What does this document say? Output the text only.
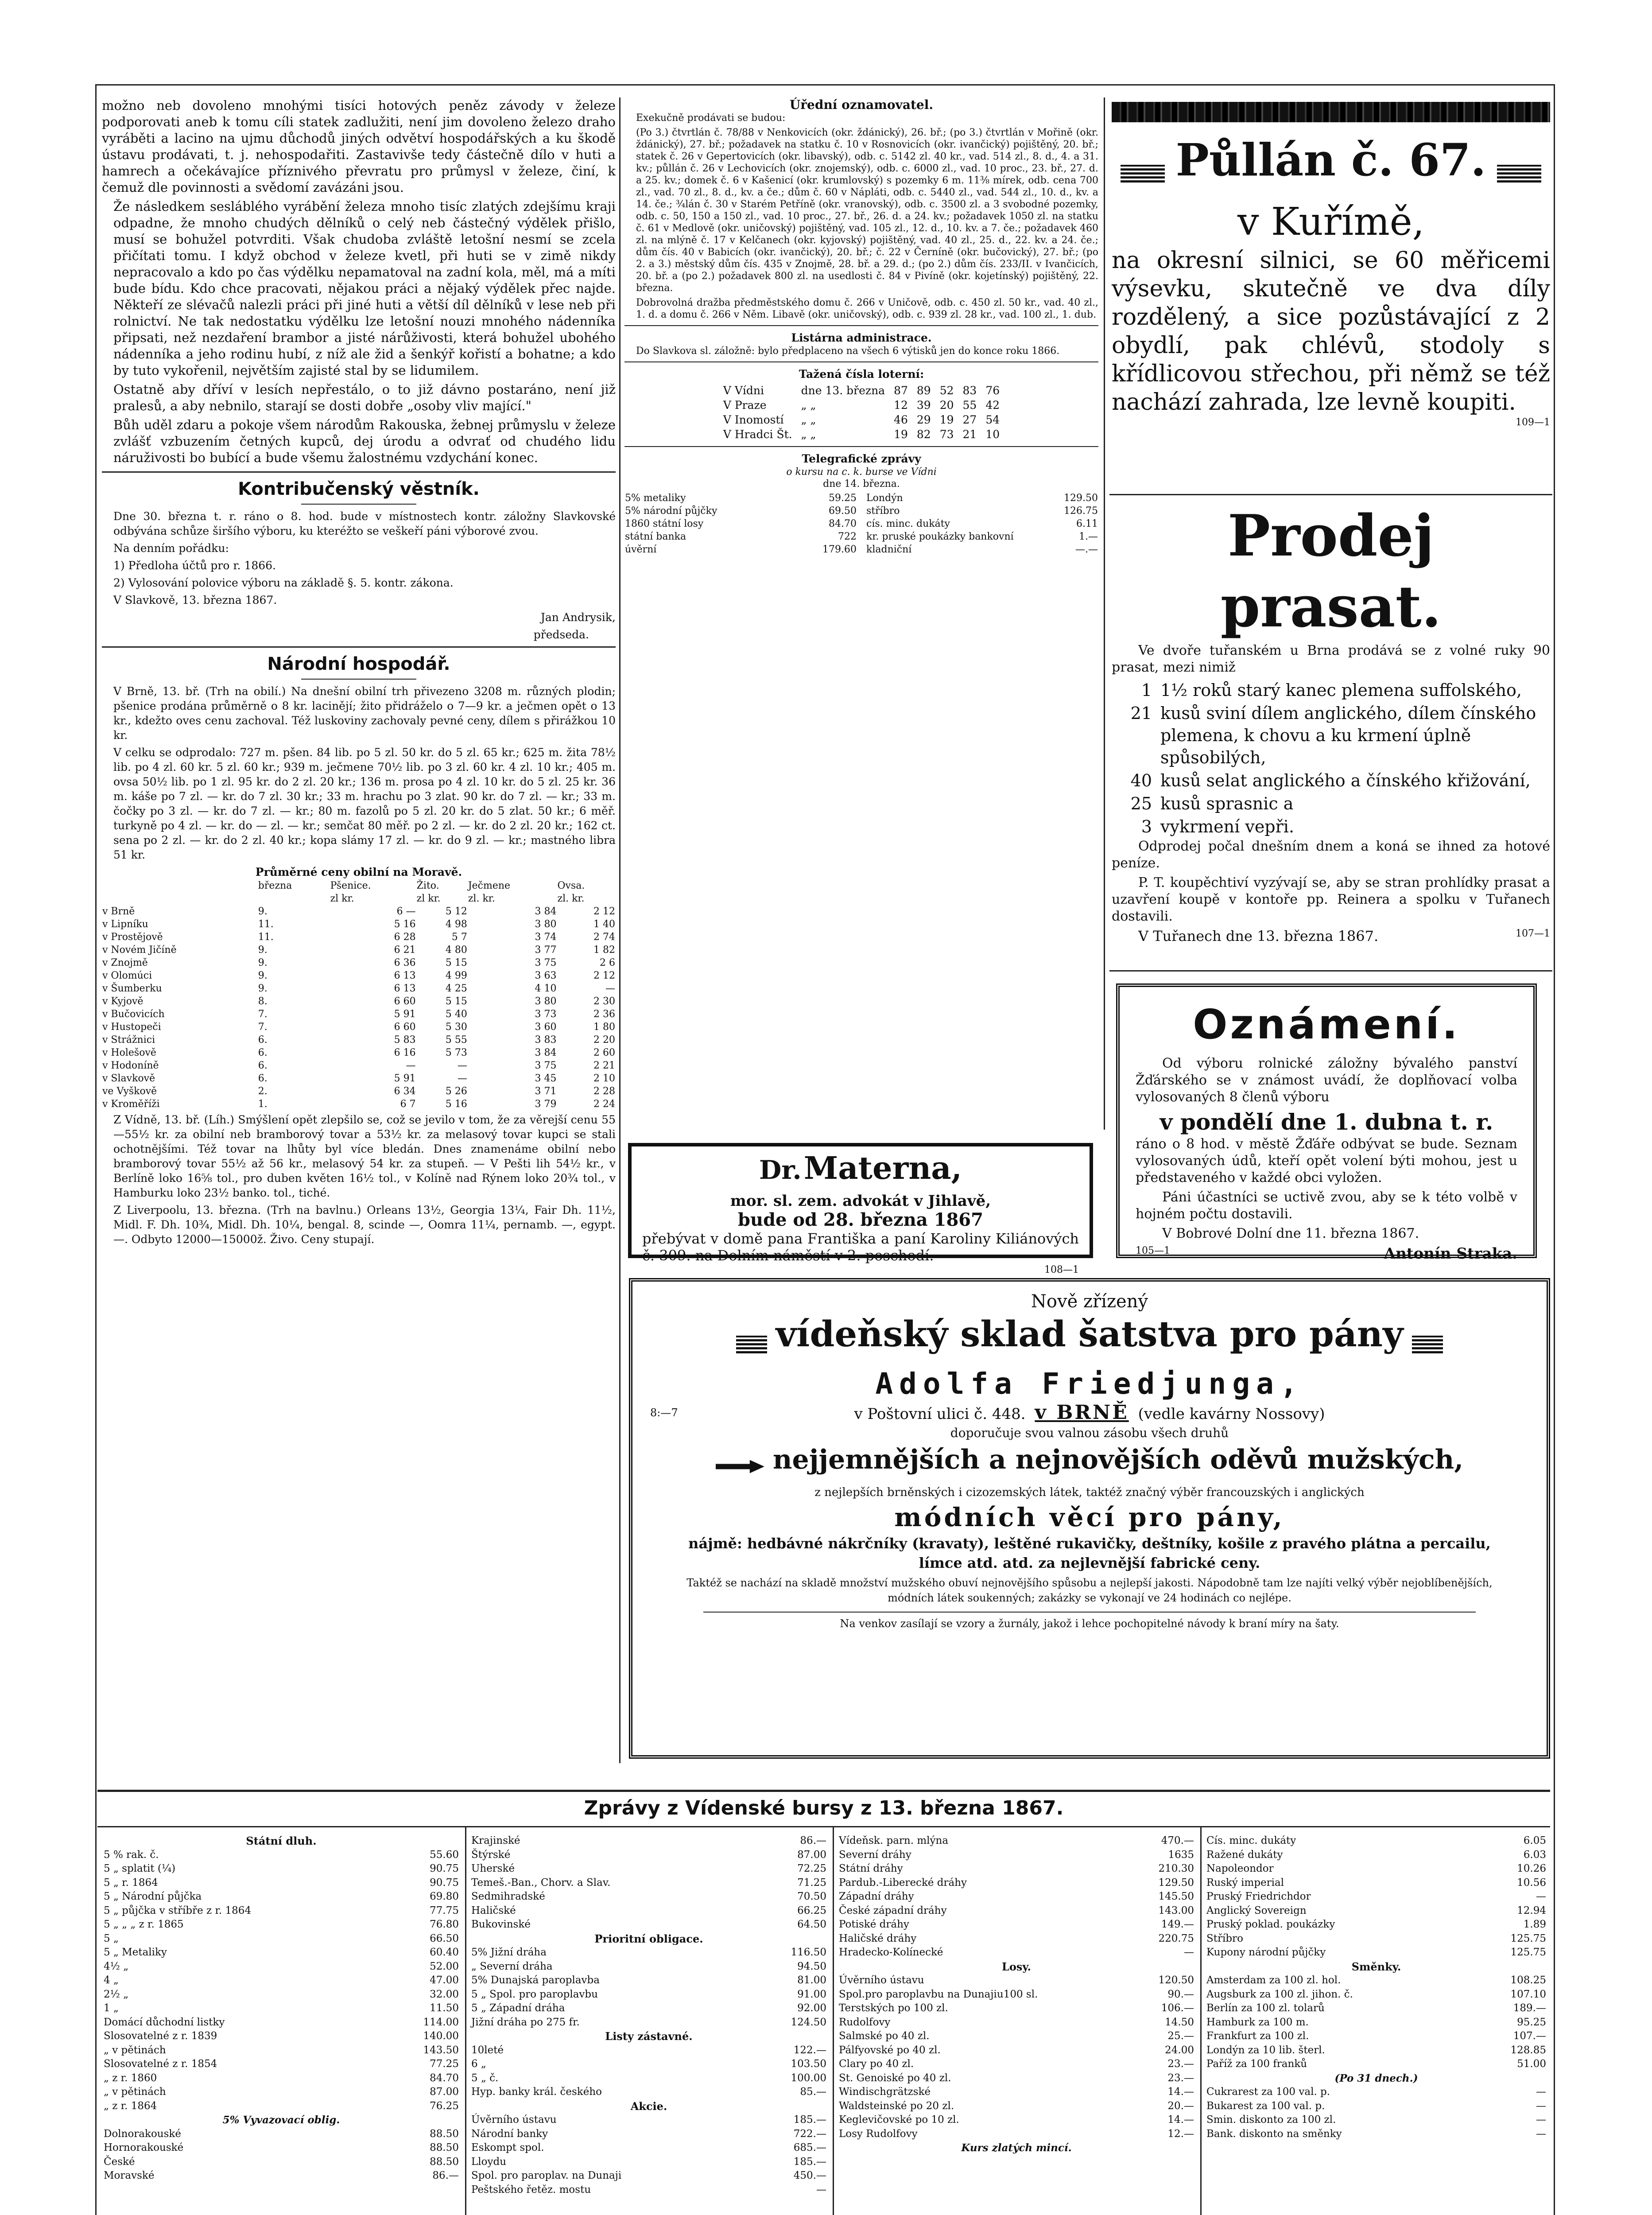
možno neb dovoleno mnohými tisíci hotových peněz závody v železe podporovati aneb k tomu cíli statek zadlužiti, není jim dovoleno železo draho vyráběti a lacino na ujmu důchodů jiných odvětví hospodářských a ku škodě ústavu prodávati, t. j. nehospodařiti. Zastavivše tedy částečně dílo v huti a hamrech a očekávajíce příznivého převratu pro průmysl v železe, činí, k čemuž dle povinnosti a svědomí zavázáni jsou.

Že následkem sesláblého vyrábění železa mnoho tisíc zlatých zdejšímu kraji odpadne, že mnoho chudých dělníků o celý neb částečný výdělek přišlo, musí se bohužel potvrditi. Však chudoba zvláště letošní nesmí se zcela přičítati tomu. I když obchod v železe kvetl, při huti se v zimě nikdy nepracovalo a kdo po čas výdělku nepamatoval na zadní kola, měl, má a míti bude bídu. Kdo chce pracovati, nějakou práci a nějaký výdělek přec najde. Někteří ze slévačů nalezli práci při jiné huti a větší díl dělníků v lese neb při rolnictví. Ne tak nedostatku výdělku lze letošní nouzi mnohého nádenníka připsati, než nezdaření brambor a jisté nárůživosti, která bohužel ubohého nádenníka a jeho rodinu hubí, z níž ale žid a šenkýř kořistí a bohatne; a kdo by tuto vykořenil, největším zajisté stal by se lidumilem.

Ostatně aby dříví v lesích nepřestálo, o to již dávno postaráno, není již pralesů, a aby nebnilo, starají se dosti dobře „osoby vliv mající."

Bůh uděl zdaru a pokoje všem národům Rakouska, žebnej průmyslu v železe zvlášť vzbuzením četných kupců, dej úrodu a odvrať od chudého lidu náruživosti bo bubící a bude všemu žalostnému vzdychání konec.

Kontribučenský věstník.

Dne 30. března t. r. ráno o 8. hod. bude v místnostech kontr. záložny Slavkovské odbývána schůze širšího výboru, ku kteréžto se veškeří páni výborové zvou.

Na denním pořádku:

1) Předloha účtů pro r. 1866.

2) Vylosování polovice výboru na základě §. 5. kontr. zákona.

V Slavkově, 13. března 1867.

Jan Andrysik,

předseda.

Národní hospodář.

V Brně, 13. bř. (Trh na obilí.) Na dnešní obilní trh přivezeno 3208 m. různých plodin; pšenice prodána průměrně o 8 kr. lacinějí; žito přidráželo o 7—9 kr. a ječmen opět o 13 kr., kdežto oves cenu zachoval. Též luskoviny zachovaly pevné ceny, dílem s přirážkou 10 kr.

V celku se odprodalo: 727 m. pšen. 84 lib. po 5 zl. 50 kr. do 5 zl. 65 kr.; 625 m. žita 78½ lib. po 4 zl. 60 kr. 5 zl. 60 kr.; 939 m. ječmene 70½ lib. po 3 zl. 60 kr. 4 zl. 10 kr.; 405 m. ovsa 50½ lib. po 1 zl. 95 kr. do 2 zl. 20 kr.; 136 m. prosa po 4 zl. 10 kr. do 5 zl. 25 kr. 36 m. káše po 7 zl. — kr. do 7 zl. 30 kr.; 33 m. hrachu po 3 zlat. 90 kr. do 7 zl. — kr.; 33 m. čočky po 3 zl. — kr. do 7 zl. — kr.; 80 m. fazolů po 5 zl. 20 kr. do 5 zlat. 50 kr.; 6 měř. turkyně po 4 zl. — kr. do — zl. — kr.; semčat 80 měř. po 2 zl. — kr. do 2 zl. 20 kr.; 162 ct. sena po 2 zl. — kr. do 2 zl. 40 kr.; kopa slámy 17 zl. — kr. do 9 zl. — kr.; mastného libra 51 kr.

Průměrné ceny obilní na Moravě.
	března	Pšenice.	Žito.	Ječmene	Ovsa.
		zl kr.	zl kr.	zl. kr.	zl. kr.
v Brně	9.	6 —	5 12	3 84	2 12
v Lipníku	11.	5 16	4 98	3 80	1 40
v Prostějově	11.	6 28	5 7	3 74	2 74
v Novém Jičíně	9.	6 21	4 80	3 77	1 82
v Znojmě	9.	6 36	5 15	3 75	2 6
v Olomúci	9.	6 13	4 99	3 63	2 12
v Šumberku	9.	6 13	4 25	4 10	—
v Kyjově	8.	6 60	5 15	3 80	2 30
v Bučovicích	7.	5 91	5 40	3 73	2 36
v Hustopeči	7.	6 60	5 30	3 60	1 80
v Strážnici	6.	5 83	5 55	3 83	2 20
v Holešově	6.	6 16	5 73	3 84	2 60
v Hodoníně	6.	—	—	3 75	2 21
v Slavkově	6.	5 91	—	3 45	2 10
ve Vyškově	2.	6 34	5 26	3 71	2 28
v Kroměříži	1.	6 7	5 16	3 79	2 24

Z Vídně, 13. bř. (Líh.) Smýšlení opět zlepšilo se, což se jevilo v tom, že za věrejší cenu 55—55½ kr. za obilní neb bramborový tovar a 53½ kr. za melasový tovar kupci se stali ochotnějšími. Též tovar na lhůty byl více bledán. Dnes znamenáme obilní nebo bramborový tovar 55½ až 56 kr., melasový 54 kr. za stupeň. — V Pešti lih 54½ kr., v Berlíně loko 16⅝ tol., pro duben květen 16½ tol., v Kolíně nad Rýnem loko 20¾ tol., v Hamburku loko 23½ banko. tol., tiché.

Z Liverpoolu, 13. března. (Trh na bavlnu.) Orleans 13½, Georgia 13¼, Fair Dh. 11½, Midl. F. Dh. 10¾, Midl. Dh. 10¼, bengal. 8, scinde —, Oomra 11¼, pernamb. —, egypt. —. Odbyto 12000—15000ž. Živo. Ceny stupají.

Úřední oznamovatel.

Exekučně prodávati se budou:

(Po 3.) čtvrtlán č. 78/88 v Nenkovicích (okr. ždánický), 26. bř.; (po 3.) čtvrtlán v Mořině (okr. ždánický), 27. bř.; požadavek na statku č. 10 v Rosnovicích (okr. ivančický) pojištěný, 20. bř.; statek č. 26 v Gepertovicích (okr. libavský), odb. c. 5142 zl. 40 kr., vad. 514 zl., 8. d., 4. a 31. kv.; půllán č. 26 v Lechovicích (okr. znojemský), odb. c. 6000 zl., vad. 10 proc., 23. bř., 27. d. a 25. kv.; domek č. 6 v Kašenicí (okr. krumlovský) s pozemky 6 m. 11⅜ mírek, odb. cena 700 zl., vad. 70 zl., 8. d., kv. a če.; dům č. 60 v Nápláti, odb. c. 5440 zl., vad. 544 zl., 10. d., kv. a 14. če.; ¾lán č. 30 v Starém Petříně (okr. vranovský), odb. c. 3500 zl. a 3 svobodné pozemky, odb. c. 50, 150 a 150 zl., vad. 10 proc., 27. bř., 26. d. a 24. kv.; požadavek 1050 zl. na statku č. 61 v Medlově (okr. uničovský) pojištěný, vad. 105 zl., 12. d., 10. kv. a 7. če.; požadavek 460 zl. na mlýně č. 17 v Kelčanech (okr. kyjovský) pojištěný, vad. 40 zl., 25. d., 22. kv. a 24. če.; dům čís. 40 v Babicích (okr. ivančický), 20. bř.; č. 22 v Černíně (okr. bučovický), 27. bř.; (po 2. a 3.) městský dům čís. 435 v Znojmě, 28. bř. a 29. d.; (po 2.) dům čís. 233/II. v Ivančicích, 20. bř. a (po 2.) požadavek 800 zl. na usedlosti č. 84 v Pivíně (okr. kojetínský) pojištěný, 22. března.

Dobrovolná dražba předměstského domu č. 266 v Uničově, odb. c. 450 zl. 50 kr., vad. 40 zl., 1. d. a domu č. 266 v Něm. Libavě (okr. uničovský), odb. c. 939 zl. 28 kr., vad. 100 zl., 1. dub.

Listárna administrace.

Do Slavkova sl. záložně: bylo předplaceno na všech 6 výtisků jen do konce roku 1866.

Tažená čísla loterní:
V Vídni	dne 13. března	87	89	52	83	76
V Praze	„ „	12	39	20	55	42
V Inomostí	„ „	46	29	19	27	54
V Hradci Št.	„ „	19	82	73	21	10
Telegrafické zprávy
o kursu na c. k. burse ve Vídni
dne 14. března.
5% metaliky	59.25
5% národní půjčky	69.50
1860 státní losy	84.70
státní banka	722
úvěrní	179.60
Londýn	129.50
stříbro	126.75
cís. minc. dukáty	6.11
kr. pruské poukázky bankovní	1.—
kladniční	—.—
Dr. Materna,
mor. sl. zem. advokát v Jihlavě,
bude od 28. března 1867
přebývat v domě pana Františka a paní Karoliny Kiliánových č. 309. na Dolním náměstí v 2. poschodí.
108—1
Půllán č. 67.
v Kuřímě,
na okresní silnici, se 60 měřicemi výsevku, skutečně ve dva díly rozdělený, a sice pozůstávající z 2 obydlí, pak chlévů, stodoly s křídlicovou střechou, při němž se též nachází zahrada, lze levně koupiti.
109—1
Prodej prasat.

Ve dvoře tuřanském u Brna prodává se z volné ruky 90 prasat, mezi nimiž

1	1½ roků starý kanec plemena suffolského,
21	kusů sviní dílem anglického, dílem čínského plemena, k chovu a ku krmení úplně spůsobilých,
40	kusů selat anglického a čínského křižování,
25	kusů sprasnic a
3	vykrmení vepři.

Odprodej počal dnešním dnem a koná se ihned za hotové peníze.

P. T. koupěchtiví vyzývají se, aby se stran prohlídky prasat a uzavření koupě v kontoře pp. Reinera a spolku v Tuřanech dostavili.

V Tuřanech dne 13. března 1867.	107—1
Oznámení.

Od výboru rolnické záložny bývalého panství Žďárského se v známost uvádí, že doplňovací volba vylosovaných 8 členů výboru

v pondělí dne 1. dubna t. r.

ráno o 8 hod. v městě Žďáře odbývat se bude. Seznam vylosovaných údů, kteří opět volení býti mohou, jest u představeného v každé obci vyložen.

Páni účastníci se uctivě zvou, aby se k této volbě v hojném počtu dostavili.

V Bobrové Dolní dne 11. března 1867.

105—1	Antonín Straka.
Nově zřízený
vídeňský sklad šatstva pro pány
Adolfa Friedjunga,
8:—7	v Poštovní ulici č. 448. v BRNĚ (vedle kavárny Nossovy)
doporučuje svou valnou zásobu všech druhů
nejjemnějších a nejnovějších oděvů mužských,
z nejlepších brněnských i cizozemských látek, taktéž značný výběr francouzských i anglických
módních věcí pro pány,
nájmě: hedbávné nákrčníky (kravaty), leštěné rukavičky, deštníky, košile z pravého plátna a percailu, límce atd. atd. za nejlevnější fabrické ceny.
Taktéž se nachází na skladě množství mužského obuví nejnovějšího spůsobu a nejlepší jakosti. Nápodobně tam lze najíti velký výběr nejoblíbenějších, módních látek soukenných; zakázky se vykonají ve 24 hodinách co nejlépe.
Na venkov zasílají se vzory a žurnály, jakož i lehce pochopitelné návody k braní míry na šaty.
Zprávy z Vídenské bursy z 13. března 1867.
Státní dluh.	
5 % rak. č.	55.60
5 „ splatit (¼)	90.75
5 „ r. 1864	90.75
5 „ Národní půjčka	69.80
5 „ půjčka v stříbře z r. 1864	77.75
5 „ „ „ z r. 1865	76.80
5 „	66.50
5 „ Metaliky	60.40
4½ „	52.00
4 „	47.00
2½ „	32.00
1 „	11.50
Domácí důchodní listky	114.00
Slosovatelné z r. 1839	140.00
„ v pětinách	143.50
Slosovatelné z r. 1854	77.25
„ z r. 1860	84.70
„ v pětinách	87.00
„ z r. 1864	76.25
5% Vyvazovací oblig.	
Dolnorakouské	88.50
Hornorakouské	88.50
České	88.50
Moravské	86.—
Krajinské	86.—
Štýrské	87.00
Uherské	72.25
Temeš.-Ban., Chorv. a Slav.	71.25
Sedmihradské	70.50
Haličské	66.25
Bukovinské	64.50
Prioritní obligace.	
5% Jižní dráha	116.50
„ Severní dráha	94.50
5% Dunajská paroplavba	81.00
5 „ Spol. pro paroplavbu	91.00
5 „ Západní dráha	92.00
Jižní dráha po 275 fr.	124.50
Listy zástavné.	
10leté	122.—
6 „	103.50
5 „ č.	100.00
Hyp. banky král. českého	85.—
Akcie.	
Úvěrního ústavu	185.—
Národní banky	722.—
Eskompt spol.	685.—
Lloydu	185.—
Spol. pro paroplav. na Dunaji	450.—
Peštského řetěz. mostu	—
Vídeňsk. parn. mlýna	470.—
Severní dráhy	1635
Státní dráhy	210.30
Pardub.-Liberecké dráhy	129.50
Západní dráhy	145.50
České západní dráhy	143.00
Potiské dráhy	149.—
Haličské dráhy	220.75
Hradecko-Kolínecké	—
Losy.	
Úvěrního ústavu	120.50
Spol.pro paroplavbu na Dunajiu100 sl.	90.—
Terstských po 100 zl.	106.—
Rudolfovy	14.50
Salmské po 40 zl.	25.—
Pálfyovské po 40 zl.	24.00
Clary po 40 zl.	23.—
St. Genoiské po 40 zl.	23.—
Windischgrätzské	14.—
Waldsteinské po 20 zl.	20.—
Keglevičovské po 10 zl.	14.—
Losy Rudolfovy	12.—
Kurs zlatých mincí.	
Cís. minc. dukáty	6.05
Ražené dukáty	6.03
Napoleondor	10.26
Ruský imperial	10.56
Pruský Friedrichdor	—
Anglický Sovereign	12.94
Pruský poklad. poukázky	1.89
Stříbro	125.75
Kupony národní půjčky	125.75
Směnky.	
Amsterdam za 100 zl. hol.	108.25
Augsburk za 100 zl. jihon. č.	107.10
Berlín za 100 zl. tolarů	189.—
Hamburk za 100 m.	95.25
Frankfurt za 100 zl.	107.—
Londýn za 10 lib. šterl.	128.85
Paříž za 100 franků	51.00
(Po 31 dnech.)	
Cukrarest za 100 val. p.	—
Bukarest za 100 val. p.	—
Smin. diskonto za 100 zl.	—
Bank. diskonto na směnky	—
